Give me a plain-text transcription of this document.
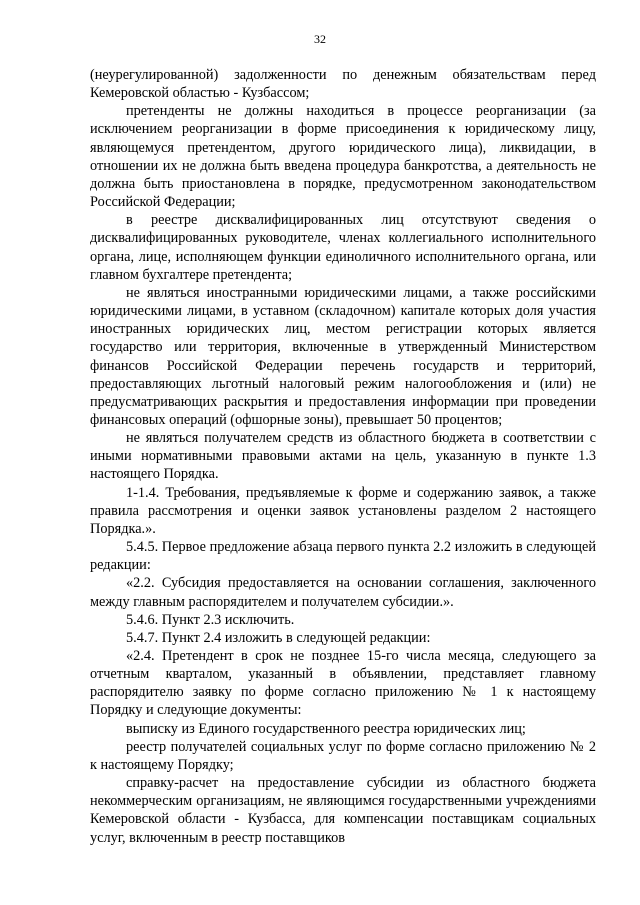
32

(неурегулированной) задолженности по денежным обязательствам перед Кемеровской областью - Кузбассом;

претенденты не должны находиться в процессе реорганизации (за исключением реорганизации в форме присоединения к юридическому лицу, являющемуся претендентом, другого юридического лица), ликвидации, в отношении их не должна быть введена процедура банкротства, а деятельность не должна быть приостановлена в порядке, предусмотренном законодательством Российской Федерации;

в реестре дисквалифицированных лиц отсутствуют сведения о дисквалифицированных руководителе, членах коллегиального исполнительного органа, лице, исполняющем функции единоличного исполнительного органа, или главном бухгалтере претендента;

не являться иностранными юридическими лицами, а также российскими юридическими лицами, в уставном (складочном) капитале которых доля участия иностранных юридических лиц, местом регистрации которых является государство или территория, включенные в утвержденный Министерством финансов Российской Федерации перечень государств и территорий, предоставляющих льготный налоговый режим налогообложения и (или) не предусматривающих раскрытия и предоставления информации при проведении финансовых операций (офшорные зоны), превышает 50 процентов;

не являться получателем средств из областного бюджета в соответствии с иными нормативными правовыми актами на цель, указанную в пункте 1.3 настоящего Порядка.

1-1.4. Требования, предъявляемые к форме и содержанию заявок, а также правила рассмотрения и оценки заявок установлены разделом 2 настоящего Порядка.».

5.4.5. Первое предложение абзаца первого пункта 2.2 изложить в следующей редакции:

«2.2. Субсидия предоставляется на основании соглашения, заключенного между главным распорядителем и получателем субсидии.».

5.4.6. Пункт 2.3 исключить.

5.4.7. Пункт 2.4 изложить в следующей редакции:

«2.4. Претендент в срок не позднее 15-го числа месяца, следующего за отчетным кварталом, указанный в объявлении, представляет главному распорядителю заявку по форме согласно приложению № 1 к настоящему Порядку и следующие документы:

выписку из Единого государственного реестра юридических лиц;

реестр получателей социальных услуг по форме согласно приложению № 2 к настоящему Порядку;

справку-расчет на предоставление субсидии из областного бюджета некоммерческим организациям, не являющимся государственными учреждениями Кемеровской области - Кузбасса, для компенсации поставщикам социальных услуг, включенным в реестр поставщиков
